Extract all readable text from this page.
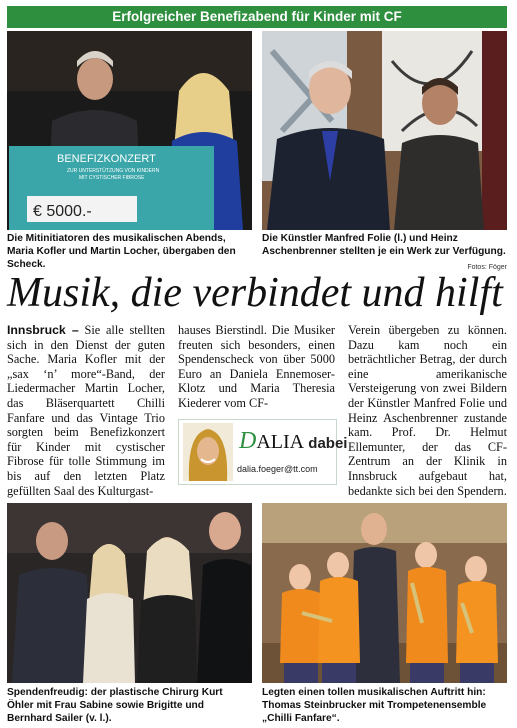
Erfolgreicher Benefizabend für Kinder mit CF
BENEFIZKONZERT
ZUR UNTERSTÜTZUNG VON KINDERN
MIT CYSTISCHER FIBROSE
€ 5000.-
Die Mitinitiatoren des musikalischen Abends, Maria Kofler und Martin Locher, übergaben den Scheck.
Die Künstler Manfred Folie (l.) und Heinz Aschenbrenner stellten je ein Werk zur Verfügung.
Fotos: Föger
Musik, die verbindet und hilft
Innsbruck – Sie alle stellten sich in den Dienst der guten Sache. Maria Kofler mit der „sax ‘n’ more“-Band, der Liedermacher Martin Locher, das Bläserquartett Chilli Fanfare und das Vintage Trio sorgten beim Benefizkonzert für Kinder mit cystischer Fibrose für tolle Stimmung im bis auf den letzten Platz gefüllten Saal des Kulturgast-
hauses Bierstindl. Die Musiker freuten sich besonders, einen Spendenscheck von über 5000 Euro an Daniela Ennemoser-Klotz und Maria Theresia Kiederer vom CF-
Verein übergeben zu können. Dazu kam noch ein beträchtlicher Betrag, der durch eine amerikanische Versteigerung von zwei Bildern der Künstler Manfred Folie und Heinz Aschenbrenner zustande kam. Prof. Dr. Helmut Ellemunter, der das CF-Zentrum an der Klinik in Innsbruck aufgebaut hat, bedankte sich bei den Spendern.
DALIA dabei
dalia.foeger@tt.com
Spendenfreudig: der plastische Chirurg Kurt Öhler mit Frau Sabine sowie Brigitte und Bernhard Sailer (v. l.).
Legten einen tollen musikalischen Auftritt hin: Thomas Steinbrucker mit Trompetenensemble „Chilli Fanfare“.
